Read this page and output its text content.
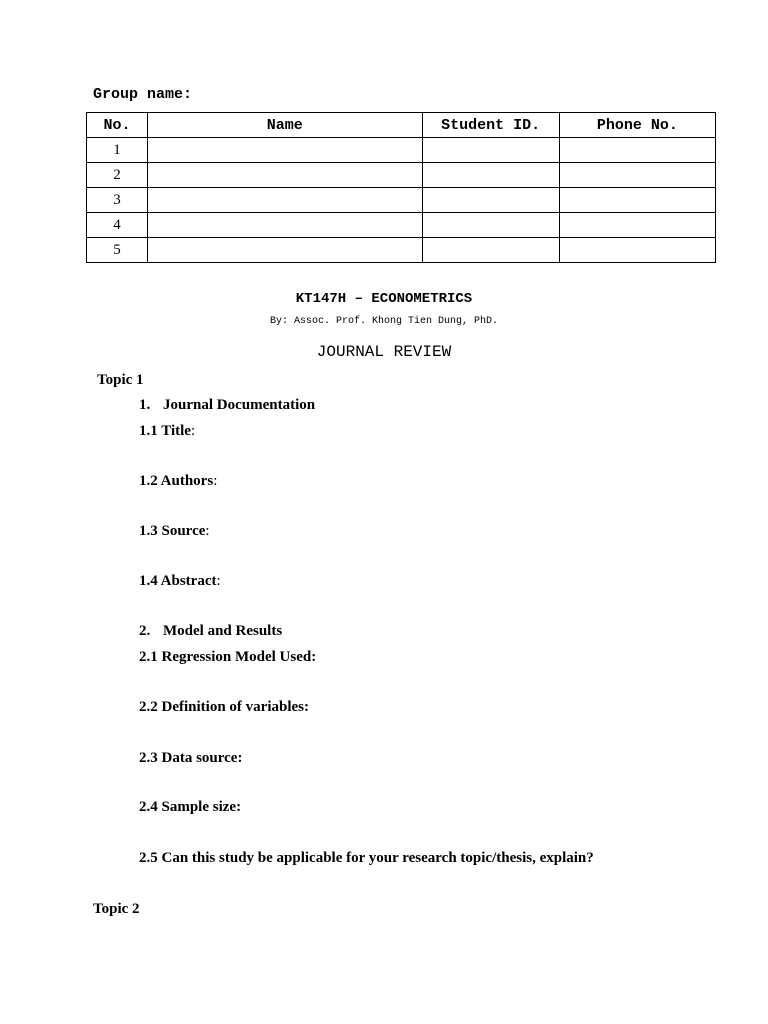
Group name:
No.	Name	Student ID.	Phone No.
1			
2			
3			
4			
5			
KT147H – ECONOMETRICS
By: Assoc. Prof. Khong Tien Dung, PhD.
JOURNAL REVIEW
Topic 1
1. Journal Documentation
1.1 Title:
1.2 Authors:
1.3 Source:
1.4 Abstract:
2. Model and Results
2.1 Regression Model Used:
2.2 Definition of variables:
2.3 Data source:
2.4 Sample size:
2.5 Can this study be applicable for your research topic/thesis, explain?
Topic 2
